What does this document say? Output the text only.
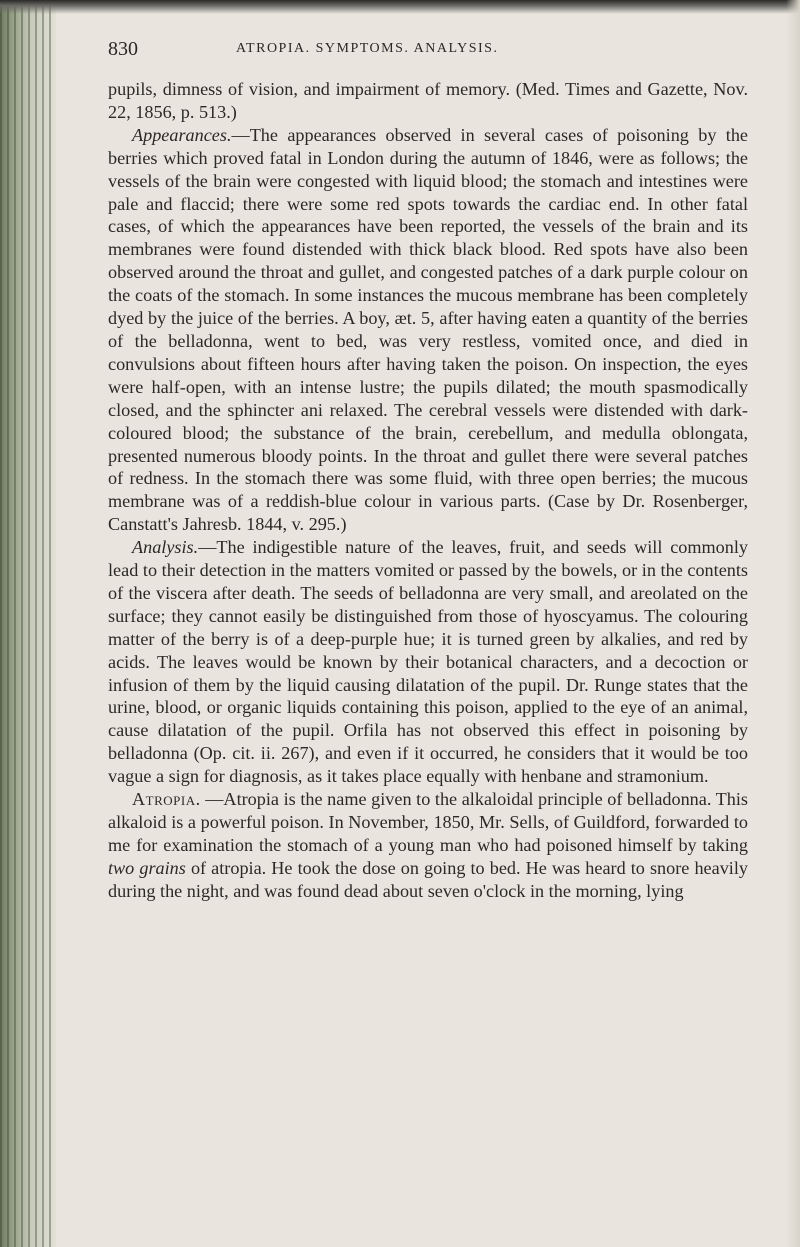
830	ATROPIA. SYMPTOMS. ANALYSIS.

pupils, dimness of vision, and impairment of memory. (Med. Times and Gazette, Nov. 22, 1856, p. 513.)

Appearances.—The appearances observed in several cases of poisoning by the berries which proved fatal in London during the autumn of 1846, were as follows; the vessels of the brain were congested with liquid blood; the stomach and intestines were pale and flaccid; there were some red spots towards the cardiac end. In other fatal cases, of which the appearances have been reported, the vessels of the brain and its membranes were found distended with thick black blood. Red spots have also been observed around the throat and gullet, and congested patches of a dark purple colour on the coats of the stomach. In some instances the mucous membrane has been completely dyed by the juice of the berries. A boy, æt. 5, after having eaten a quantity of the berries of the belladonna, went to bed, was very restless, vomited once, and died in convulsions about fifteen hours after having taken the poison. On inspection, the eyes were half-open, with an intense lustre; the pupils dilated; the mouth spasmodically closed, and the sphincter ani relaxed. The cerebral vessels were distended with dark-coloured blood; the substance of the brain, cerebellum, and medulla oblongata, presented numerous bloody points. In the throat and gullet there were several patches of redness. In the stomach there was some fluid, with three open berries; the mucous membrane was of a reddish-blue colour in various parts. (Case by Dr. Rosenberger, Canstatt's Jahresb. 1844, v. 295.)

Analysis.—The indigestible nature of the leaves, fruit, and seeds will commonly lead to their detection in the matters vomited or passed by the bowels, or in the contents of the viscera after death. The seeds of belladonna are very small, and areolated on the surface; they cannot easily be distinguished from those of hyoscyamus. The colouring matter of the berry is of a deep-purple hue; it is turned green by alkalies, and red by acids. The leaves would be known by their botanical characters, and a decoction or infusion of them by the liquid causing dilatation of the pupil. Dr. Runge states that the urine, blood, or organic liquids containing this poison, applied to the eye of an animal, cause dilatation of the pupil. Orfila has not observed this effect in poisoning by belladonna (Op. cit. ii. 267), and even if it occurred, he considers that it would be too vague a sign for diagnosis, as it takes place equally with henbane and stramonium.

Atropia. —Atropia is the name given to the alkaloidal principle of belladonna. This alkaloid is a powerful poison. In November, 1850, Mr. Sells, of Guildford, forwarded to me for examination the stomach of a young man who had poisoned himself by taking two grains of atropia. He took the dose on going to bed. He was heard to snore heavily during the night, and was found dead about seven o'clock in the morning, lying
